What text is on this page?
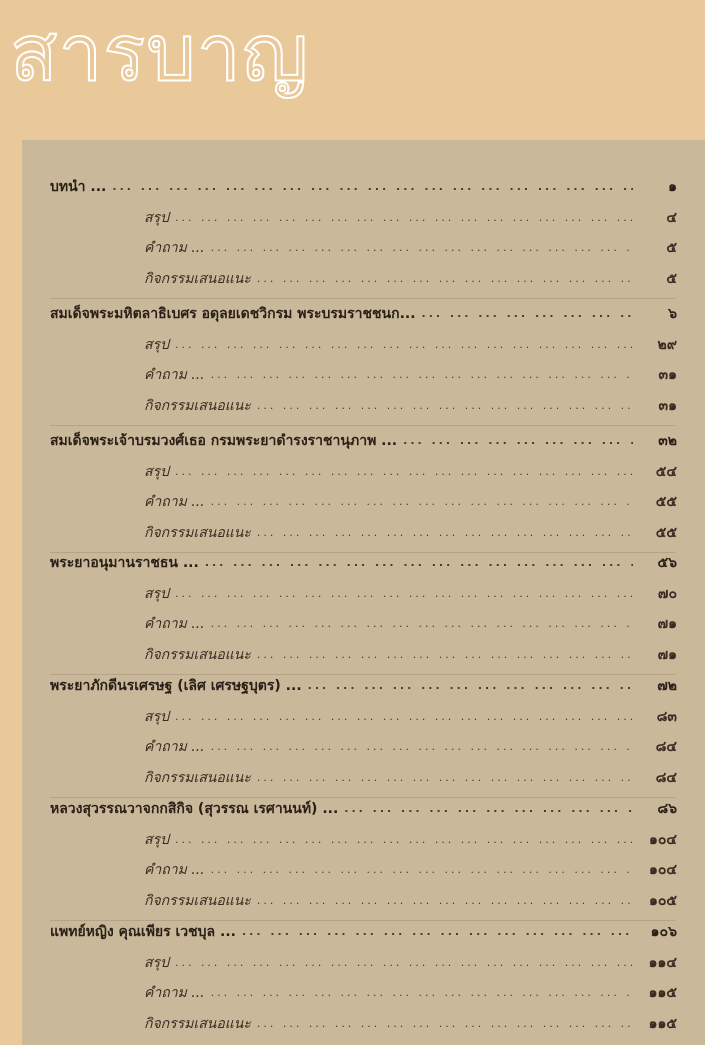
สารบาญ
บทนำ ... ... .	๑
สรุป ... .	๔
คำถาม ... ... .	๕
กิจกรรมเสนอแนะ ... .	๕
สมเด็จพระมหิตลาธิเบศร อดุลยเดชวิกรม พระบรมราชชนก... ... .	๖
สรุป ... .	๒๙
คำถาม ... ... .	๓๑
กิจกรรมเสนอแนะ ... .	๓๑
สมเด็จพระเจ้าบรมวงศ์เธอ กรมพระยาดำรงราชานุภาพ ... ... .	๓๒
สรุป ... .	๕๔
คำถาม ... ... .	๕๕
กิจกรรมเสนอแนะ ... .	๕๕
พระยาอนุมานราชธน ... ... .	๕๖
สรุป ... .	๗๐
คำถาม ... ... .	๗๑
กิจกรรมเสนอแนะ ... .	๗๑
พระยาภักดีนรเศรษฐ (เลิศ เศรษฐบุตร) ... ... .	๗๒
สรุป ... .	๘๓
คำถาม ... ... .	๘๔
กิจกรรมเสนอแนะ ... .	๘๔
หลวงสุวรรณวาจกกสิกิจ (สุวรรณ เรศานนท์) ... ... .	๘๖
สรุป ... .	๑๐๔
คำถาม ... ... .	๑๐๔
กิจกรรมเสนอแนะ ... .	๑๐๕
แพทย์หญิง คุณเพียร เวชบุล ... ... .	๑๐๖
สรุป ... .	๑๑๔
คำถาม ... ... .	๑๑๕
กิจกรรมเสนอแนะ ... .	๑๑๕
